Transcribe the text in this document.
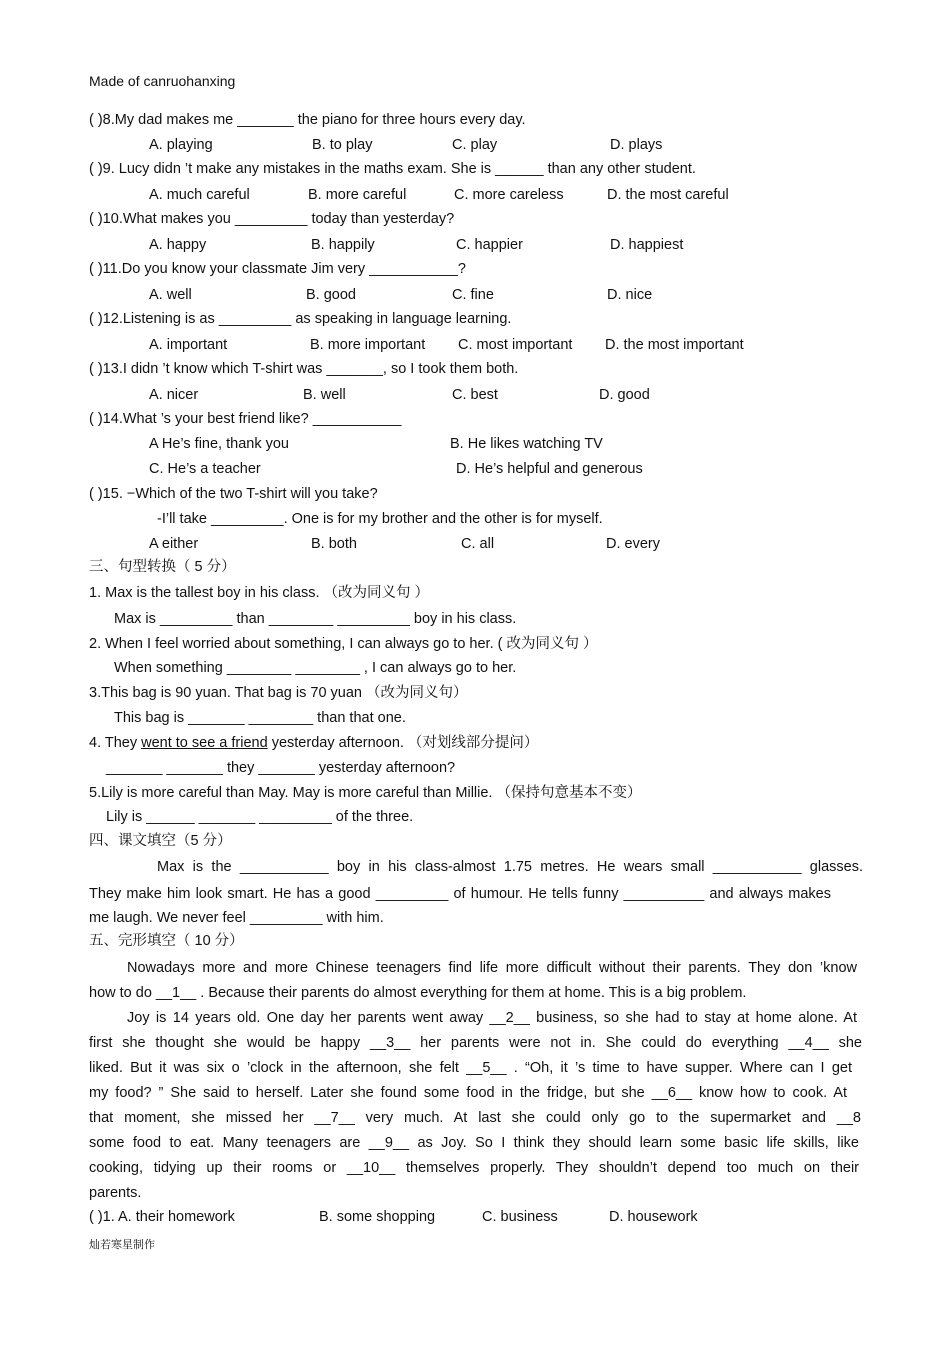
Made of canruohanxing
( )8.My dad makes me _______ the piano for three hours every day.
A. playing	B. to play	C. play	D. plays
( )9. Lucy didn ’t make any mistakes in the maths exam. She is ______ than any other student.
A. much careful	B. more careful	C. more careless	D. the most careful
( )10.What makes you _________ today than yesterday?
A. happy	B. happily	C. happier	D. happiest
( )11.Do you know your classmate Jim very ___________?
A. well	B. good	C. fine	D. nice
( )12.Listening is as _________ as speaking in language learning.
A. important	B. more important C. most important D. the most important
( )13.I didn ’t know which T-shirt was _______, so I took them both.
A. nicer	B. well	C. best	D. good
( )14.What ’s your best friend like? ___________
A He’s fine, thank you	B. He likes watching TV
C. He’s a teacher	D. He’s helpful and generous
( )15. −Which of the two T-shirt will you take?
-I’ll take _________. One is for my brother and the other is for myself.
A either	B. both	C. all	D. every
三、句型转换（ 5 分）
1. Max is the tallest boy in his class. （改为同义句 ）
Max is _________ than ________ _________ boy in his class.
2. When I feel worried about something, I can always go to her. ( 改为同义句 ）
When something ________ ________ , I can always go to her.
3.This bag is 90 yuan. That bag is 70 yuan （改为同义句）
This bag is _______ ________ than that one.
4. They went to see a friend yesterday afternoon. （对划线部分提问）
_______ _______ they _______ yesterday afternoon?
5.Lily is more careful than May. May is more careful than Millie. （保持句意基本不变）
Lily is ______ _______ _________ of the three.
四、课文填空（5 分）
Max is the ___________ boy in his class-almost 1.75 metres. He wears small ___________ glasses.
They make him look smart. He has a good _________ of humour. He tells funny __________ and always makes
me laugh. We never feel _________ with him.
五、完形填空（ 10 分）
Nowadays more and more Chinese teenagers find life more difficult without their parents. They don ’know
how to do __1__ . Because their parents do almost everything for them at home. This is a big problem.
Joy is 14 years old. One day her parents went away __2__ business, so she had to stay at home alone. At
first she thought she would be happy __3__ her parents were not in. She could do everything __4__ she
liked. But it was six o ’clock in the afternoon, she felt __5__ . “Oh, it ’s time to have supper. Where can I get
my food? ” She said to herself. Later she found some food in the fridge, but she __6__ know how to cook. At
that moment, she missed her __7__ very much. At last she could only go to the supermarket and __8
some food to eat. Many teenagers are __9__ as Joy. So I think they should learn some basic life skills, like
cooking, tidying up their rooms or __10__ themselves properly. They shouldn’t depend too much on their
parents.
( )1. A. their homework	B. some shopping	C. business	D. housework
灿若寒星制作
